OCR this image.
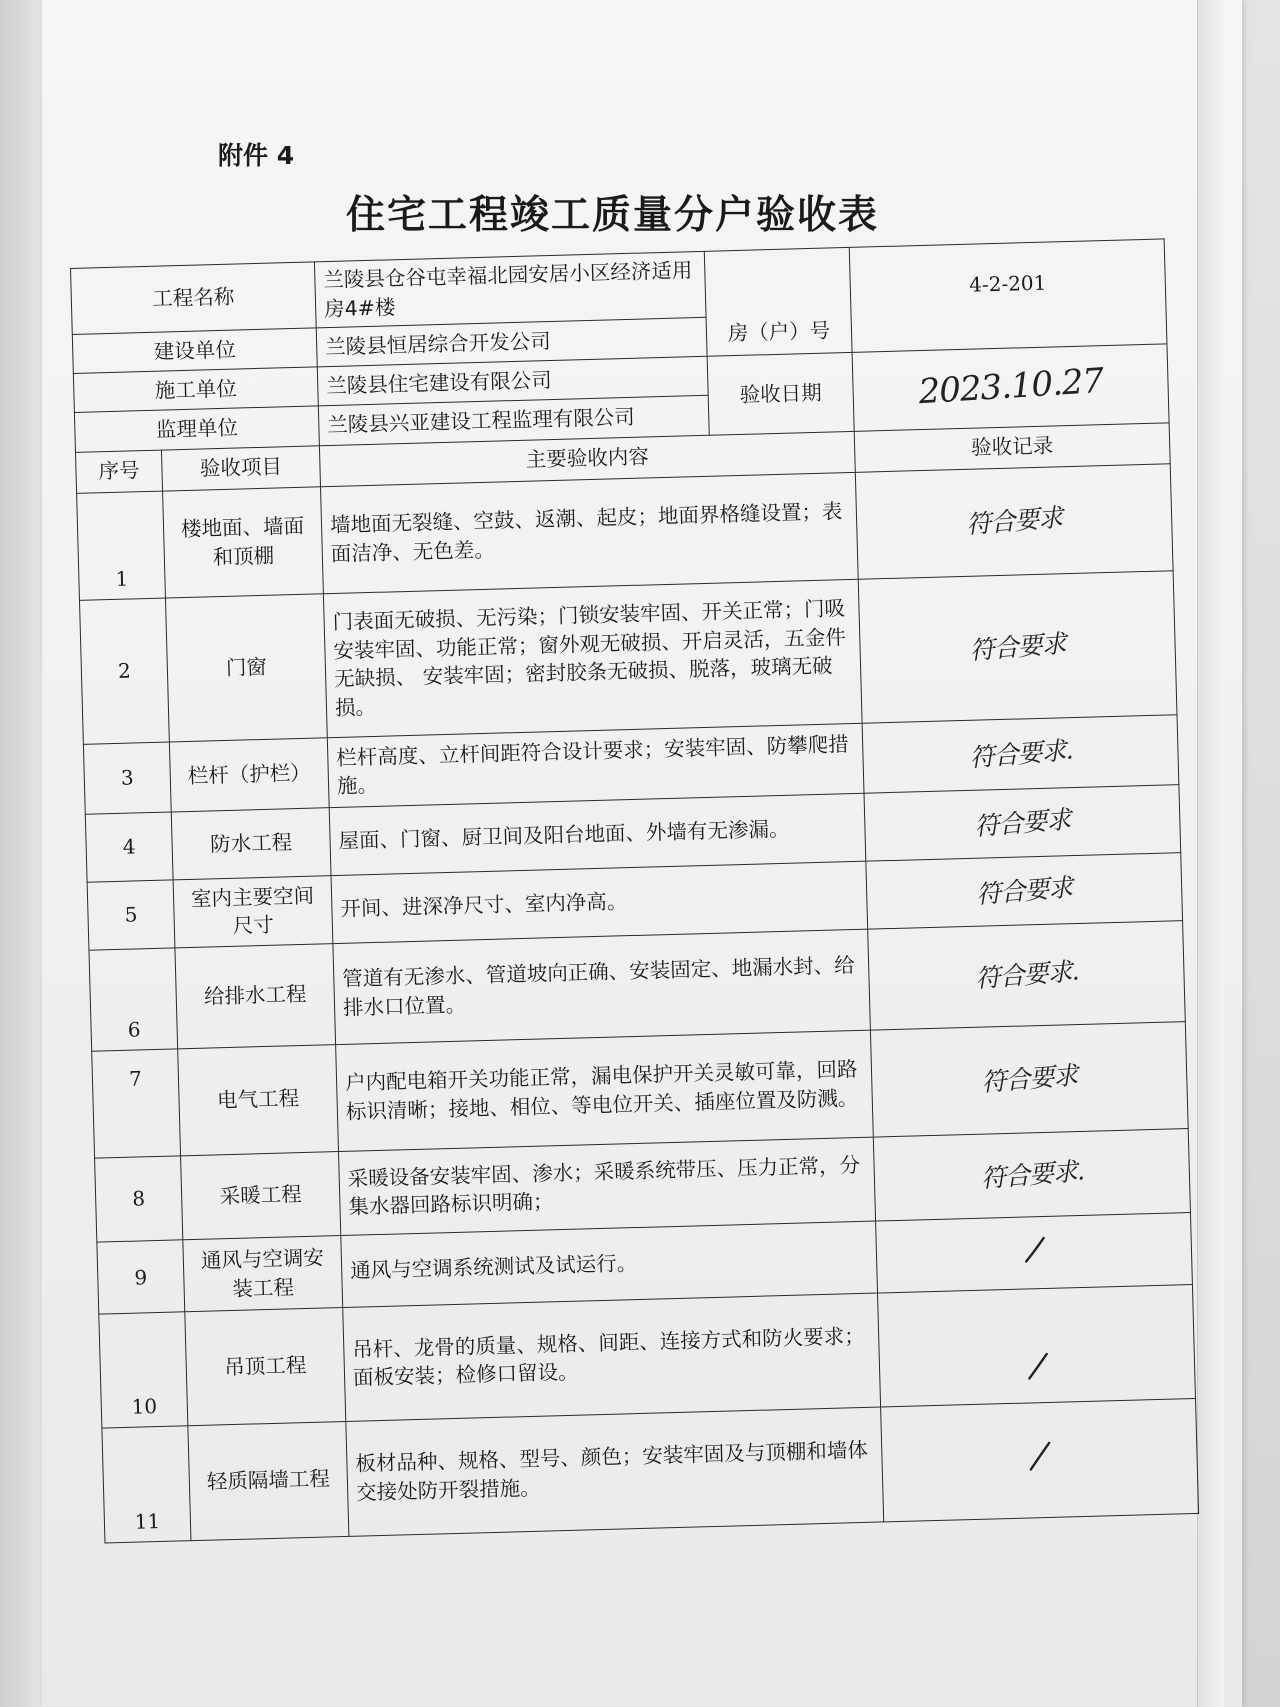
附件 4
住宅工程竣工质量分户验收表
工程名称		兰陵县仓谷屯幸福北园安居小区经济适用房4#楼	房（户）号	4-2-201
建设单位		兰陵县恒居综合开发公司		
施工单位		兰陵县住宅建设有限公司	验收日期	2023.10.27
监理单位		兰陵县兴亚建设工程监理有限公司		
序号	验收项目	主要验收内容		验收记录
1	楼地面、墙面和顶棚	墙地面无裂缝、空鼓、返潮、起皮；地面界格缝设置；表面洁净、无色差。		符合要求
2	门窗	门表面无破损、无污染；门锁安装牢固、开关正常；门吸安装牢固、功能正常；窗外观无破损、开启灵活，五金件无缺损、 安装牢固；密封胶条无破损、脱落，玻璃无破损。		符合要求
3	栏杆（护栏）	栏杆高度、立杆间距符合设计要求；安装牢固、防攀爬措施。		符合要求.
4	防水工程	屋面、门窗、厨卫间及阳台地面、外墙有无渗漏。		符合要求
5	室内主要空间尺寸	开间、进深净尺寸、室内净高。		符合要求
6	给排水工程	管道有无渗水、管道坡向正确、安装固定、地漏水封、给排水口位置。		符合要求.
7	电气工程	户内配电箱开关功能正常，漏电保护开关灵敏可靠，回路标识清晰；接地、相位、等电位开关、插座位置及防溅。		符合要求
8	采暖工程	采暖设备安装牢固、渗水；采暖系统带压、压力正常，分集水器回路标识明确；		符合要求.
9	通风与空调安装工程	通风与空调系统测试及试运行。	
10	吊顶工程	吊杆、龙骨的质量、规格、间距、连接方式和防火要求；面板安装；检修口留设。	
11	轻质隔墙工程	板材品种、规格、型号、颜色；安装牢固及与顶棚和墙体交接处防开裂措施。	
